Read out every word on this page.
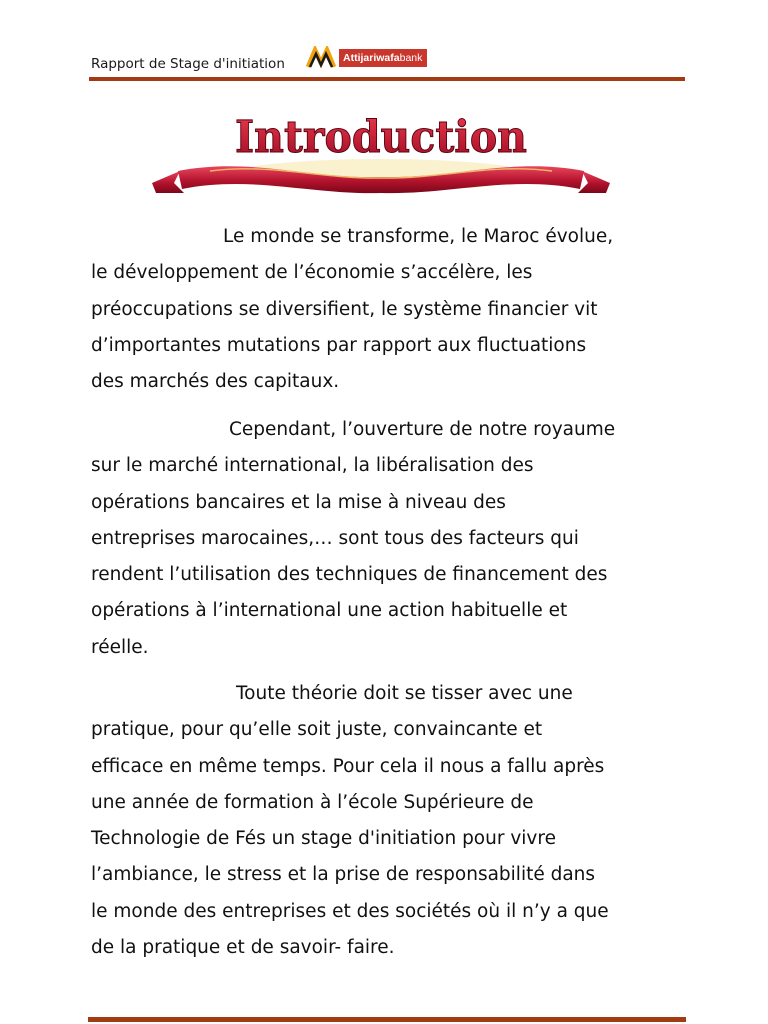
Rapport de Stage d'initiation	Attijariwafa bank
Introduction
Le monde se transforme, le Maroc évolue,
le développement de l’économie s’accélère, les
préoccupations se diversifient, le système financier vit
d’importantes mutations par rapport aux fluctuations
des marchés des capitaux.
Cependant, l’ouverture de notre royaume
sur le marché international, la libéralisation des
opérations bancaires et la mise à niveau des
entreprises marocaines,… sont tous des facteurs qui
rendent l’utilisation des techniques de financement des
opérations à l’international une action habituelle et
réelle.
Toute théorie doit se tisser avec une
pratique, pour qu’elle soit juste, convaincante et
efficace en même temps. Pour cela il nous a fallu après
une année de formation à l’école Supérieure de
Technologie de Fés un stage d'initiation pour vivre
l’ambiance, le stress et la prise de responsabilité dans
le monde des entreprises et des sociétés où il n’y a que
de la pratique et de savoir- faire.
